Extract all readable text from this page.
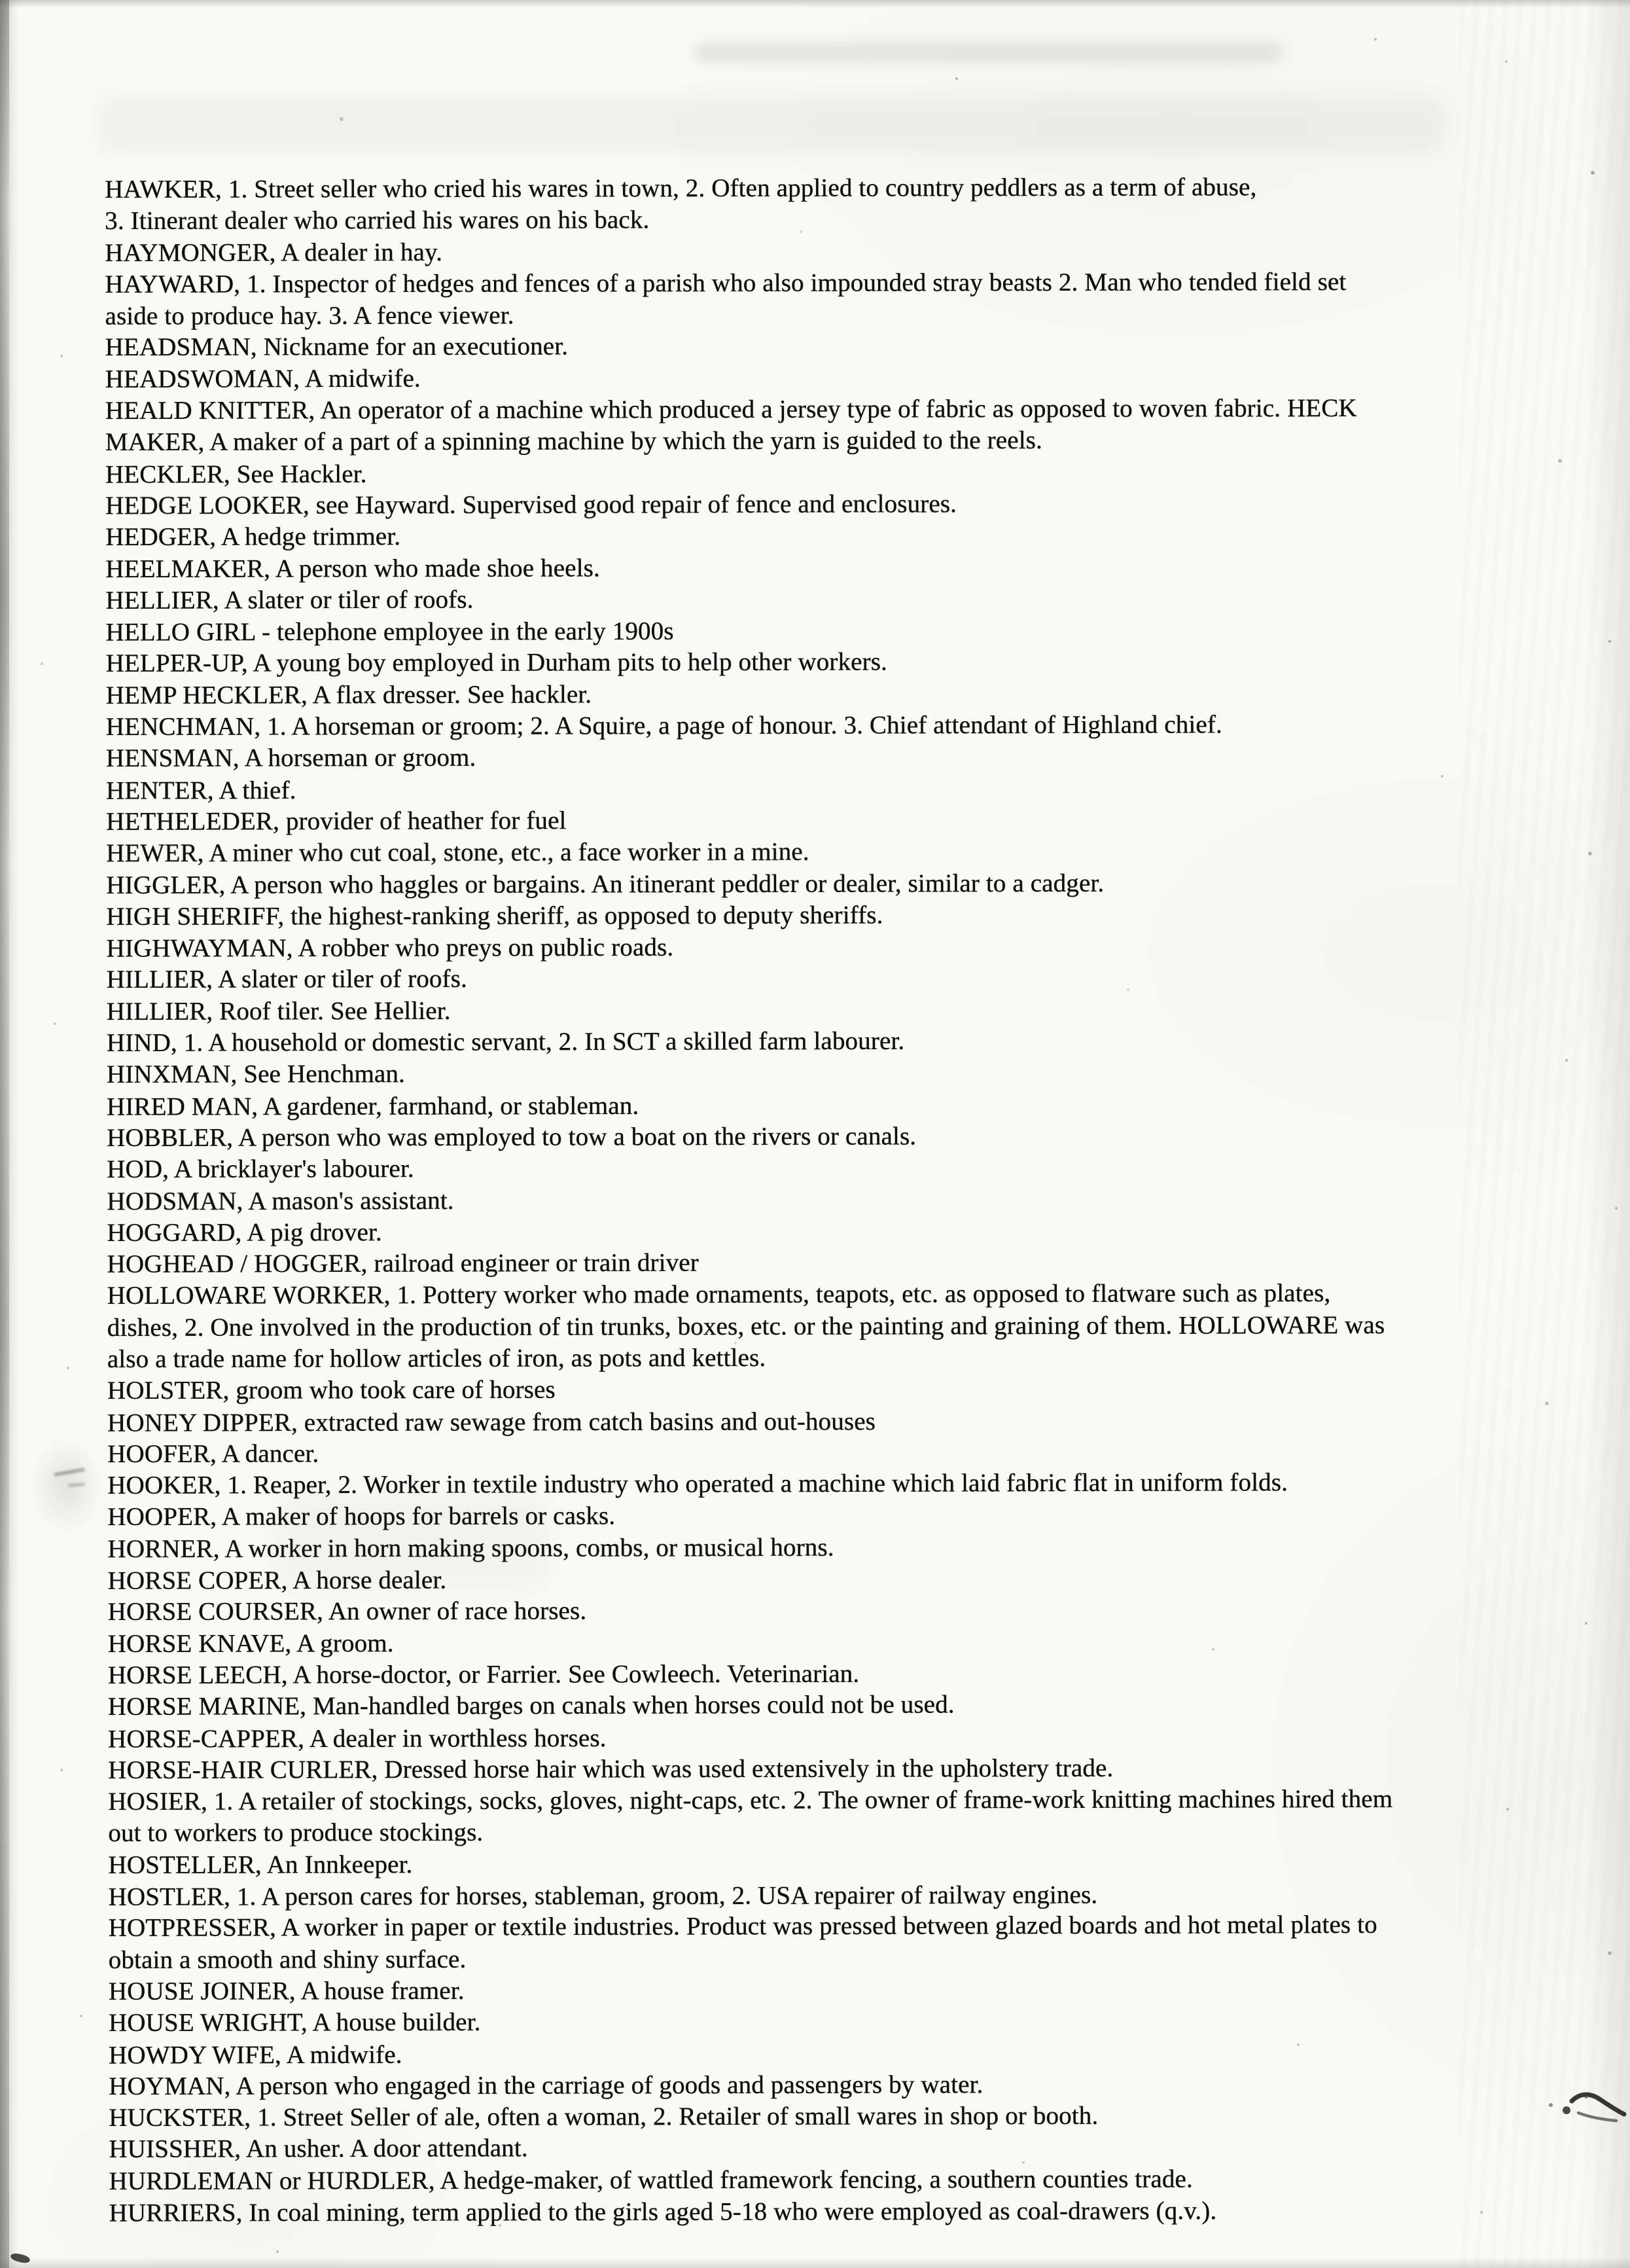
HAWKER, 1. Street seller who cried his wares in town, 2. Often applied to country peddlers as a term of abuse,
3. Itinerant dealer who carried his wares on his back.
HAYMONGER, A dealer in hay.
HAYWARD, 1. Inspector of hedges and fences of a parish who also impounded stray beasts 2. Man who tended field set
aside to produce hay. 3. A fence viewer.
HEADSMAN, Nickname for an executioner.
HEADSWOMAN, A midwife.
HEALD KNITTER, An operator of a machine which produced a jersey type of fabric as opposed to woven fabric. HECK
MAKER, A maker of a part of a spinning machine by which the yarn is guided to the reels.
HECKLER, See Hackler.
HEDGE LOOKER, see Hayward. Supervised good repair of fence and enclosures.
HEDGER, A hedge trimmer.
HEELMAKER, A person who made shoe heels.
HELLIER, A slater or tiler of roofs.
HELLO GIRL - telephone employee in the early 1900s
HELPER-UP, A young boy employed in Durham pits to help other workers.
HEMP HECKLER, A flax dresser. See hackler.
HENCHMAN, 1. A horseman or groom; 2. A Squire, a page of honour. 3. Chief attendant of Highland chief.
HENSMAN, A horseman or groom.
HENTER, A thief.
HETHELEDER, provider of heather for fuel
HEWER, A miner who cut coal, stone, etc., a face worker in a mine.
HIGGLER, A person who haggles or bargains. An itinerant peddler or dealer, similar to a cadger.
HIGH SHERIFF, the highest-ranking sheriff, as opposed to deputy sheriffs.
HIGHWAYMAN, A robber who preys on public roads.
HILLIER, A slater or tiler of roofs.
HILLIER, Roof tiler. See Hellier.
HIND, 1. A household or domestic servant, 2. In SCT a skilled farm labourer.
HINXMAN, See Henchman.
HIRED MAN, A gardener, farmhand, or stableman.
HOBBLER, A person who was employed to tow a boat on the rivers or canals.
HOD, A bricklayer's labourer.
HODSMAN, A mason's assistant.
HOGGARD, A pig drover.
HOGHEAD / HOGGER, railroad engineer or train driver
HOLLOWARE WORKER, 1. Pottery worker who made ornaments, teapots, etc. as opposed to flatware such as plates,
dishes, 2. One involved in the production of tin trunks, boxes, etc. or the painting and graining of them. HOLLOWARE was
also a trade name for hollow articles of iron, as pots and kettles.
HOLSTER, groom who took care of horses
HONEY DIPPER, extracted raw sewage from catch basins and out-houses
HOOFER, A dancer.
HOOKER, 1. Reaper, 2. Worker in textile industry who operated a machine which laid fabric flat in uniform folds.
HOOPER, A maker of hoops for barrels or casks.
HORNER, A worker in horn making spoons, combs, or musical horns.
HORSE COPER, A horse dealer.
HORSE COURSER, An owner of race horses.
HORSE KNAVE, A groom.
HORSE LEECH, A horse-doctor, or Farrier. See Cowleech. Veterinarian.
HORSE MARINE, Man-handled barges on canals when horses could not be used.
HORSE-CAPPER, A dealer in worthless horses.
HORSE-HAIR CURLER, Dressed horse hair which was used extensively in the upholstery trade.
HOSIER, 1. A retailer of stockings, socks, gloves, night-caps, etc. 2. The owner of frame-work knitting machines hired them
out to workers to produce stockings.
HOSTELLER, An Innkeeper.
HOSTLER, 1. A person cares for horses, stableman, groom, 2. USA repairer of railway engines.
HOTPRESSER, A worker in paper or textile industries. Product was pressed between glazed boards and hot metal plates to
obtain a smooth and shiny surface.
HOUSE JOINER, A house framer.
HOUSE WRIGHT, A house builder.
HOWDY WIFE, A midwife.
HOYMAN, A person who engaged in the carriage of goods and passengers by water.
HUCKSTER, 1. Street Seller of ale, often a woman, 2. Retailer of small wares in shop or booth.
HUISSHER, An usher. A door attendant.
HURDLEMAN or HURDLER, A hedge-maker, of wattled framework fencing, a southern counties trade.
HURRIERS, In coal mining, term applied to the girls aged 5-18 who were employed as coal-drawers (q.v.).
